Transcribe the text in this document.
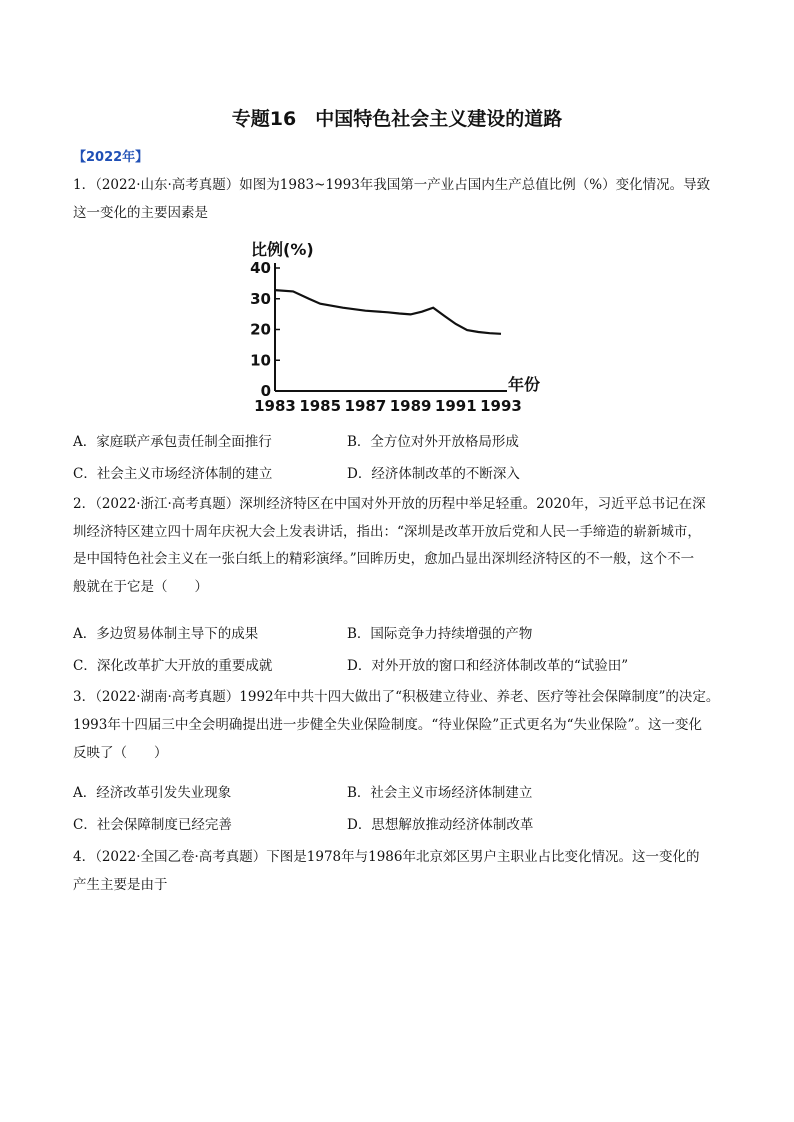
专题16　中国特色社会主义建设的道路
【2022年】
1．（2022·山东·高考真题）如图为1983~1993年我国第一产业占国内生产总值比例（%）变化情况。导致
这一变化的主要因素是
比例(%)
年份
0
10
20
30
40
1983 1985 1987 1989 1991 1993
A．家庭联产承包责任制全面推行	B．全方位对外开放格局形成
C．社会主义市场经济体制的建立	D．经济体制改革的不断深入
2．（2022·浙江·高考真题）深圳经济特区在中国对外开放的历程中举足轻重。2020年，习近平总书记在深
圳经济特区建立四十周年庆祝大会上发表讲话，指出：“深圳是改革开放后党和人民一手缔造的崭新城市，
是中国特色社会主义在一张白纸上的精彩演绎。”回眸历史，愈加凸显出深圳经济特区的不一般，这个不一
般就在于它是（　　）
A．多边贸易体制主导下的成果	B．国际竞争力持续增强的产物
C．深化改革扩大开放的重要成就	D．对外开放的窗口和经济体制改革的“试验田”
3．（2022·湖南·高考真题）1992年中共十四大做出了“积极建立待业、养老、医疗等社会保障制度”的决定。
1993年十四届三中全会明确提出进一步健全失业保险制度。“待业保险”正式更名为“失业保险”。这一变化
反映了（　　）
A．经济改革引发失业现象	B．社会主义市场经济体制建立
C．社会保障制度已经完善	D．思想解放推动经济体制改革
4．（2022·全国乙卷·高考真题）下图是1978年与1986年北京郊区男户主职业占比变化情况。这一变化的
产生主要是由于
